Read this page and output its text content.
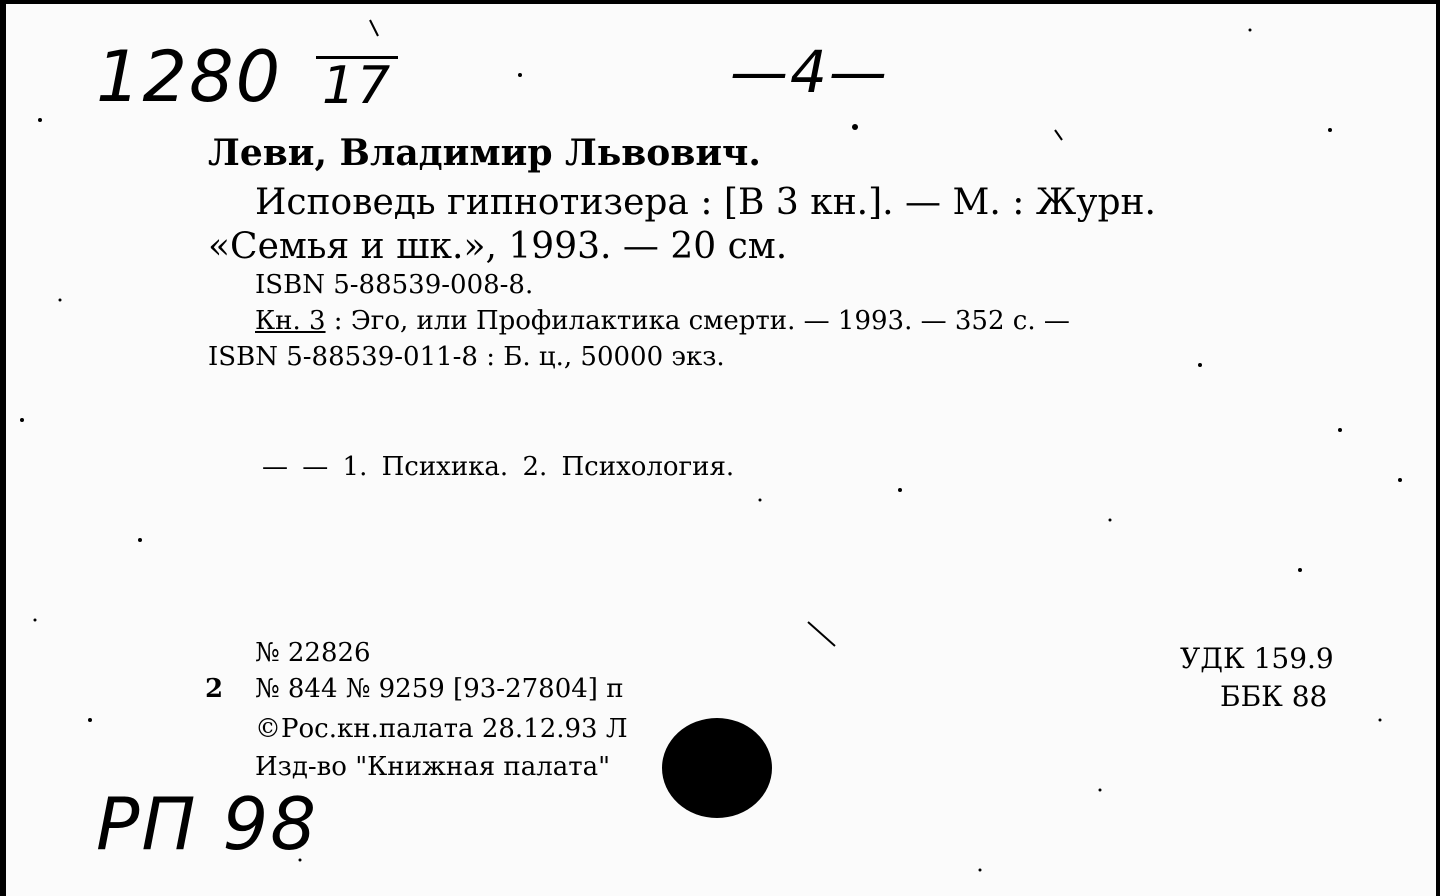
1280 17	—4—
РП 98
Леви, Владимир Львович.
Исповедь гипнотизера : [В 3 кн.]. — М. : Журн.
«Семья и шк.», 1993. — 20 см.
ISBN 5-88539-008-8.
Кн. 3 : Эго, или Профилактика смерти. — 1993. — 352 с. —
ISBN 5-88539-011-8 : Б. ц., 50000 экз.
— — 1. Психика. 2. Психология.
№ 22826
2 № 844 № 9259 [93-27804] п
©Рос.кн.палата 28.12.93 Л
Изд-во "Книжная палата"
УДК 159.9
ББК 88
